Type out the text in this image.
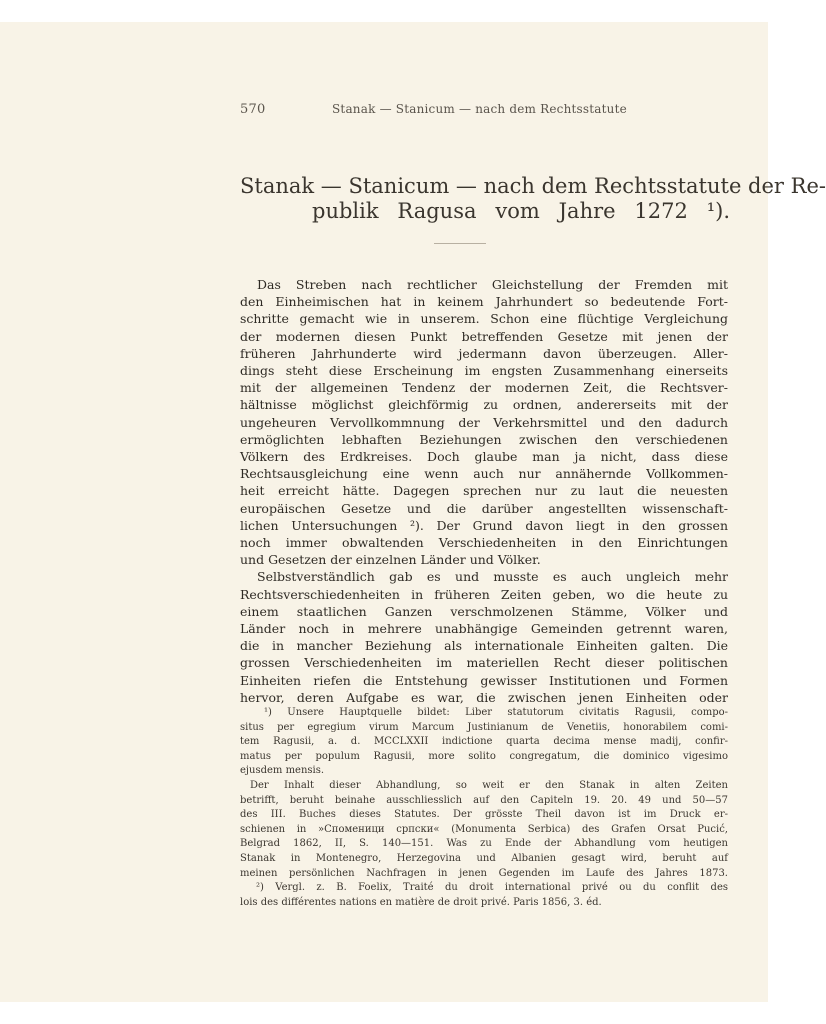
570	Stanak — Stanicum — nach dem Rechtsstatute
Stanak — Stanicum — nach dem Rechtsstatute der Re-
publik Ragusa vom Jahre 1272 ¹).
Das Streben nach rechtlicher Gleichstellung der Fremden mit
den Einheimischen hat in keinem Jahrhundert so bedeutende Fort-
schritte gemacht wie in unserem. Schon eine flüchtige Vergleichung
der modernen diesen Punkt betreffenden Gesetze mit jenen der
früheren Jahrhunderte wird jedermann davon überzeugen. Aller-
dings steht diese Erscheinung im engsten Zusammenhang einerseits
mit der allgemeinen Tendenz der modernen Zeit, die Rechtsver-
hältnisse möglichst gleichförmig zu ordnen, andererseits mit der
ungeheuren Vervollkommnung der Verkehrsmittel und den dadurch
ermöglichten lebhaften Beziehungen zwischen den verschiedenen
Völkern des Erdkreises. Doch glaube man ja nicht, dass diese
Rechtsausgleichung eine wenn auch nur annähernde Vollkommen-
heit erreicht hätte. Dagegen sprechen nur zu laut die neuesten
europäischen Gesetze und die darüber angestellten wissenschaft-
lichen Untersuchungen ²). Der Grund davon liegt in den grossen
noch immer obwaltenden Verschiedenheiten in den Einrichtungen
und Gesetzen der einzelnen Länder und Völker.
Selbstverständlich gab es und musste es auch ungleich mehr
Rechtsverschiedenheiten in früheren Zeiten geben, wo die heute zu
einem staatlichen Ganzen verschmolzenen Stämme, Völker und
Länder noch in mehrere unabhängige Gemeinden getrennt waren,
die in mancher Beziehung als internationale Einheiten galten. Die
grossen Verschiedenheiten im materiellen Recht dieser politischen
Einheiten riefen die Entstehung gewisser Institutionen und Formen
hervor, deren Aufgabe es war, die zwischen jenen Einheiten oder
¹) Unsere Hauptquelle bildet: Liber statutorum civitatis Ragusii, compo-
situs per egregium virum Marcum Justinianum de Venetiis, honorabilem comi-
tem Ragusii, a. d. MCCLXXII indictione quarta decima mense madij, confir-
matus per populum Ragusii, more solito congregatum, die dominico vigesimo
ejusdem mensis.
Der Inhalt dieser Abhandlung, so weit er den Stanak in alten Zeiten
betrifft, beruht beinahe ausschliesslich auf den Capiteln 19. 20. 49 und 50—57
des III. Buches dieses Statutes. Der grösste Theil davon ist im Druck er-
schienen in »Споменици српски« (Monumenta Serbica) des Grafen Orsat Pucić,
Belgrad 1862, II, S. 140—151. Was zu Ende der Abhandlung vom heutigen
Stanak in Montenegro, Herzegovina und Albanien gesagt wird, beruht auf
meinen persönlichen Nachfragen in jenen Gegenden im Laufe des Jahres 1873.
²) Vergl. z. B. Foelix, Traité du droit international privé ou du conflit des
lois des différentes nations en matière de droit privé. Paris 1856, 3. éd.
